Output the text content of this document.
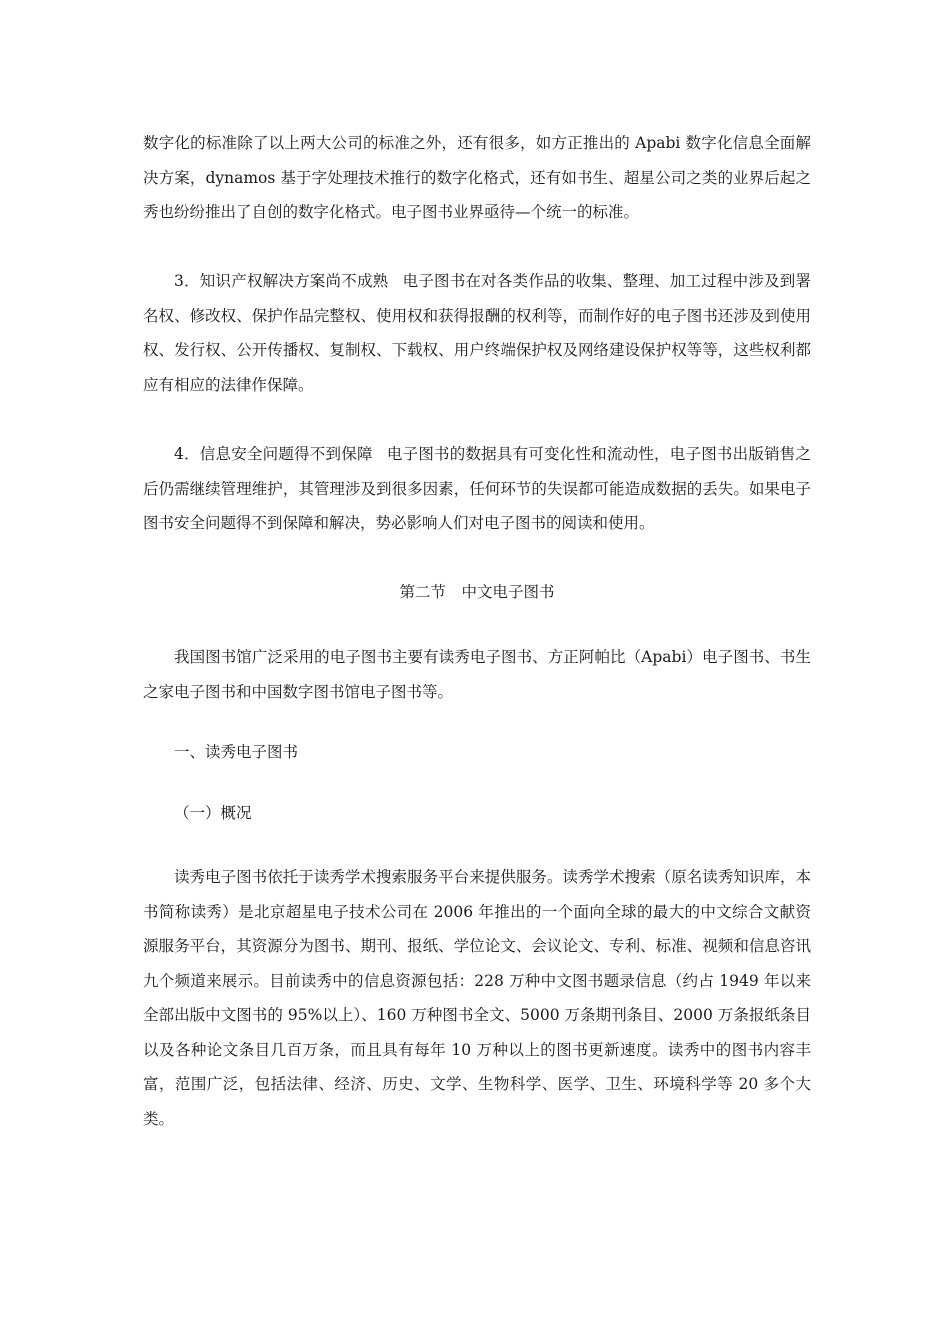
数字化的标准除了以上两大公司的标准之外，还有很多，如方正推出的 Apabi 数字化信息全面解决方案，dynamos 基于字处理技术推行的数字化格式，还有如书生、超星公司之类的业界后起之秀也纷纷推出了自创的数字化格式。电子图书业界亟待—个统一的标准。

3．知识产权解决方案尚不成熟 电子图书在对各类作品的收集、整理、加工过程中涉及到署名权、修改权、保护作品完整权、使用权和获得报酬的权利等，而制作好的电子图书还涉及到使用权、发行权、公开传播权、复制权、下载权、用户终端保护权及网络建设保护权等等，这些权利都应有相应的法律作保障。

4．信息安全问题得不到保障 电子图书的数据具有可变化性和流动性，电子图书出版销售之后仍需继续管理维护，其管理涉及到很多因素，任何环节的失误都可能造成数据的丢失。如果电子图书安全问题得不到保障和解决，势必影响人们对电子图书的阅读和使用。

第二节　中文电子图书

我国图书馆广泛采用的电子图书主要有读秀电子图书、方正阿帕比（Apabi）电子图书、书生之家电子图书和中国数字图书馆电子图书等。

一、读秀电子图书

（一）概况

读秀电子图书依托于读秀学术搜索服务平台来提供服务。读秀学术搜索（原名读秀知识库，本书简称读秀）是北京超星电子技术公司在 2006 年推出的一个面向全球的最大的中文综合文献资源服务平台，其资源分为图书、期刊、报纸、学位论文、会议论文、专利、标准、视频和信息咨讯九个频道来展示。目前读秀中的信息资源包括：228 万种中文图书题录信息（约占 1949 年以来全部出版中文图书的 95%以上）、160 万种图书全文、5000 万条期刊条目、2000 万条报纸条目以及各种论文条目几百万条，而且具有每年 10 万种以上的图书更新速度。读秀中的图书内容丰富，范围广泛，包括法律、经济、历史、文学、生物科学、医学、卫生、环境科学等 20 多个大类。
